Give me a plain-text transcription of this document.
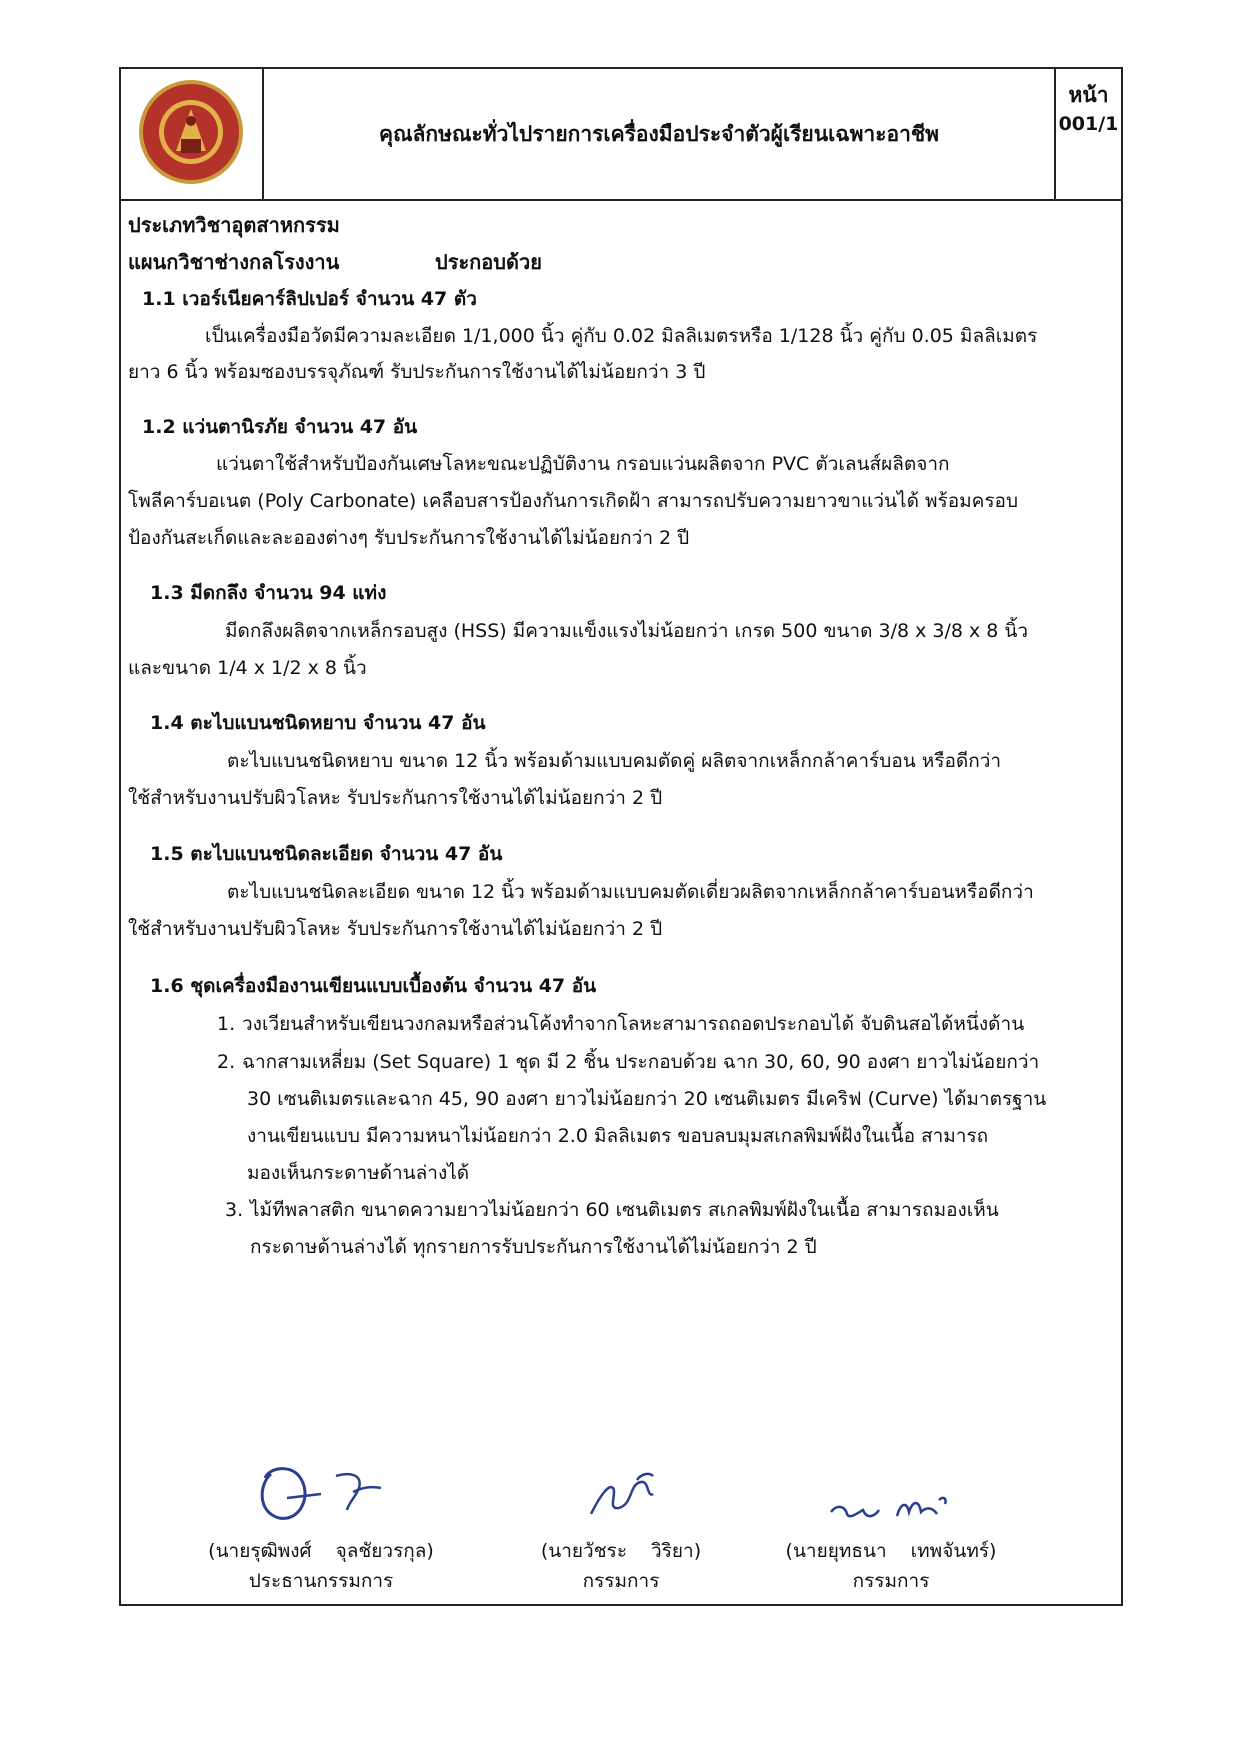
คุณลักษณะทั่วไปรายการเครื่องมือประจำตัวผู้เรียนเฉพาะอาชีพ
หน้า
001/1
ประเภทวิชาอุตสาหกรรม
แผนกวิชาช่างกลโรงงาน	ประกอบด้วย
1.1 เวอร์เนียคาร์ลิปเปอร์ จำนวน 47 ตัว
เป็นเครื่องมือวัดมีความละเอียด 1/1,000 นิ้ว คู่กับ 0.02 มิลลิเมตรหรือ 1/128 นิ้ว คู่กับ 0.05 มิลลิเมตร
ยาว 6 นิ้ว พร้อมซองบรรจุภัณฑ์ รับประกันการใช้งานได้ไม่น้อยกว่า 3 ปี
1.2 แว่นตานิรภัย จำนวน 47 อัน
แว่นตาใช้สำหรับป้องกันเศษโลหะขณะปฏิบัติงาน กรอบแว่นผลิตจาก PVC ตัวเลนส์ผลิตจาก
โพลีคาร์บอเนต (Poly Carbonate) เคลือบสารป้องกันการเกิดฝ้า สามารถปรับความยาวขาแว่นได้ พร้อมครอบ
ป้องกันสะเก็ดและละอองต่างๆ รับประกันการใช้งานได้ไม่น้อยกว่า 2 ปี
1.3 มีดกลึง จำนวน 94 แท่ง
มีดกลึงผลิตจากเหล็กรอบสูง (HSS) มีความแข็งแรงไม่น้อยกว่า เกรด 500 ขนาด 3/8 x 3/8 x 8 นิ้ว
และขนาด 1/4 x 1/2 x 8 นิ้ว
1.4 ตะไบแบนชนิดหยาบ จำนวน 47 อัน
ตะไบแบนชนิดหยาบ ขนาด 12 นิ้ว พร้อมด้ามแบบคมตัดคู่ ผลิตจากเหล็กกล้าคาร์บอน หรือดีกว่า
ใช้สำหรับงานปรับผิวโลหะ รับประกันการใช้งานได้ไม่น้อยกว่า 2 ปี
1.5 ตะไบแบนชนิดละเอียด จำนวน 47 อัน
ตะไบแบนชนิดละเอียด ขนาด 12 นิ้ว พร้อมด้ามแบบคมตัดเดี่ยวผลิตจากเหล็กกล้าคาร์บอนหรือดีกว่า
ใช้สำหรับงานปรับผิวโลหะ รับประกันการใช้งานได้ไม่น้อยกว่า 2 ปี
1.6 ชุดเครื่องมืองานเขียนแบบเบื้องต้น จำนวน 47 อัน
1. วงเวียนสำหรับเขียนวงกลมหรือส่วนโค้งทำจากโลหะสามารถถอดประกอบได้ จับดินสอได้หนึ่งด้าน
2. ฉากสามเหลี่ยม (Set Square) 1 ชุด มี 2 ชิ้น ประกอบด้วย ฉาก 30, 60, 90 องศา ยาวไม่น้อยกว่า
30 เซนติเมตรและฉาก 45, 90 องศา ยาวไม่น้อยกว่า 20 เซนติเมตร มีเคริฟ (Curve) ได้มาตรฐาน
งานเขียนแบบ มีความหนาไม่น้อยกว่า 2.0 มิลลิเมตร ขอบลบมุมสเกลพิมพ์ฝังในเนื้อ สามารถ
มองเห็นกระดาษด้านล่างได้
3. ไม้ทีพลาสติก ขนาดความยาวไม่น้อยกว่า 60 เซนติเมตร สเกลพิมพ์ฝังในเนื้อ สามารถมองเห็น
กระดาษด้านล่างได้ ทุกรายการรับประกันการใช้งานได้ไม่น้อยกว่า 2 ปี
(นายรุฒิพงศ์ จุลชัยวรกุล)
ประธานกรรมการ
(นายวัชระ วิริยา)
กรรมการ
(นายยุทธนา เทพจันทร์)
กรรมการ
